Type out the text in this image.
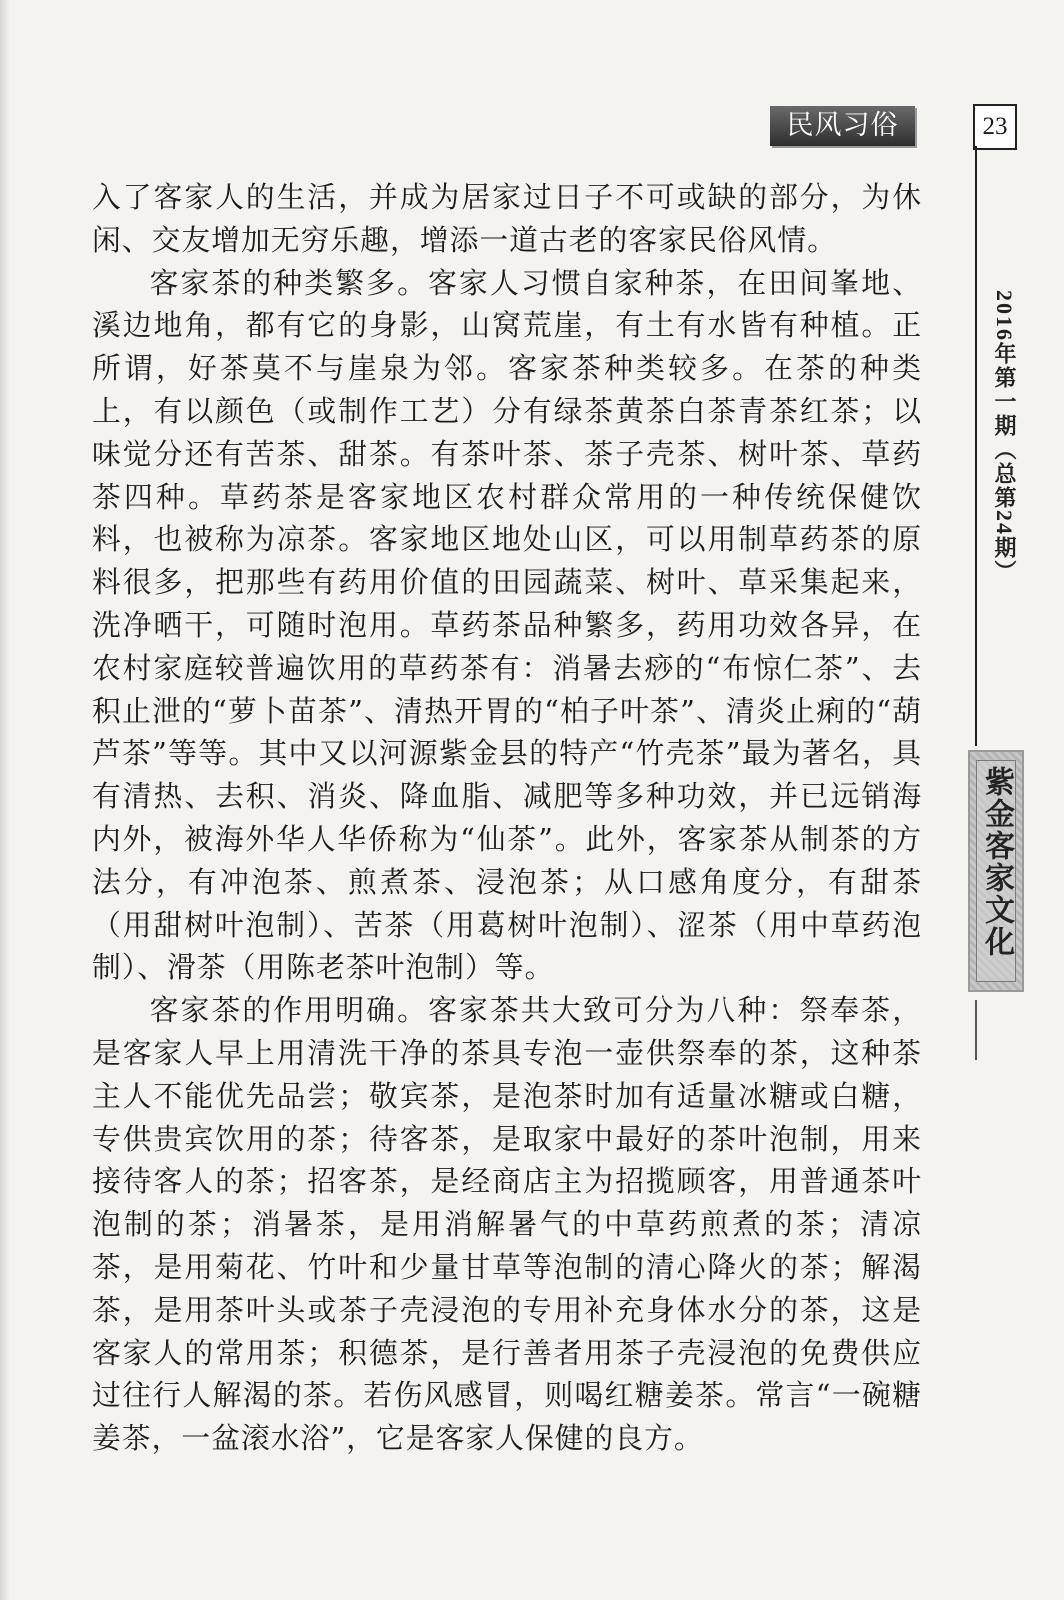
民风习俗	23
2016年第一期（总第24期）
紫金客家文化

入了客家人的生活，并成为居家过日子不可或缺的部分，为休闲、交友增加无穷乐趣，增添一道古老的客家民俗风情。

客家茶的种类繁多。客家人习惯自家种茶，在田间峯地、溪边地角，都有它的身影，山窝荒崖，有土有水皆有种植。正所谓，好茶莫不与崖泉为邻。客家茶种类较多。在茶的种类上，有以颜色（或制作工艺）分有绿茶黄茶白茶青茶红茶；以味觉分还有苦茶、甜茶。有茶叶茶、茶子壳茶、树叶茶、草药茶四种。草药茶是客家地区农村群众常用的一种传统保健饮料，也被称为凉茶。客家地区地处山区，可以用制草药茶的原料很多，把那些有药用价值的田园蔬菜、树叶、草采集起来，洗净晒干，可随时泡用。草药茶品种繁多，药用功效各异，在农村家庭较普遍饮用的草药茶有：消暑去痧的“布惊仁茶”、去积止泄的“萝卜苗茶”、清热开胃的“柏子叶茶”、清炎止痢的“葫芦茶”等等。其中又以河源紫金县的特产“竹壳茶”最为著名，具有清热、去积、消炎、降血脂、减肥等多种功效，并已远销海内外，被海外华人华侨称为“仙茶”。此外，客家茶从制茶的方法分，有冲泡茶、煎煮茶、浸泡茶；从口感角度分，有甜茶（用甜树叶泡制）、苦茶（用葛树叶泡制）、涩茶（用中草药泡制）、滑茶（用陈老茶叶泡制）等。

客家茶的作用明确。客家茶共大致可分为八种：祭奉茶，是客家人早上用清洗干净的茶具专泡一壶供祭奉的茶，这种茶主人不能优先品尝；敬宾茶，是泡茶时加有适量冰糖或白糖，专供贵宾饮用的茶；待客茶，是取家中最好的茶叶泡制，用来接待客人的茶；招客茶，是经商店主为招揽顾客，用普通茶叶泡制的茶；消暑茶，是用消解暑气的中草药煎煮的茶；清凉茶，是用菊花、竹叶和少量甘草等泡制的清心降火的茶；解渴茶，是用茶叶头或茶子壳浸泡的专用补充身体水分的茶，这是客家人的常用茶；积德茶，是行善者用茶子壳浸泡的免费供应过往行人解渴的茶。若伤风感冒，则喝红糖姜茶。常言“一碗糖姜茶，一盆滚水浴”，它是客家人保健的良方。
